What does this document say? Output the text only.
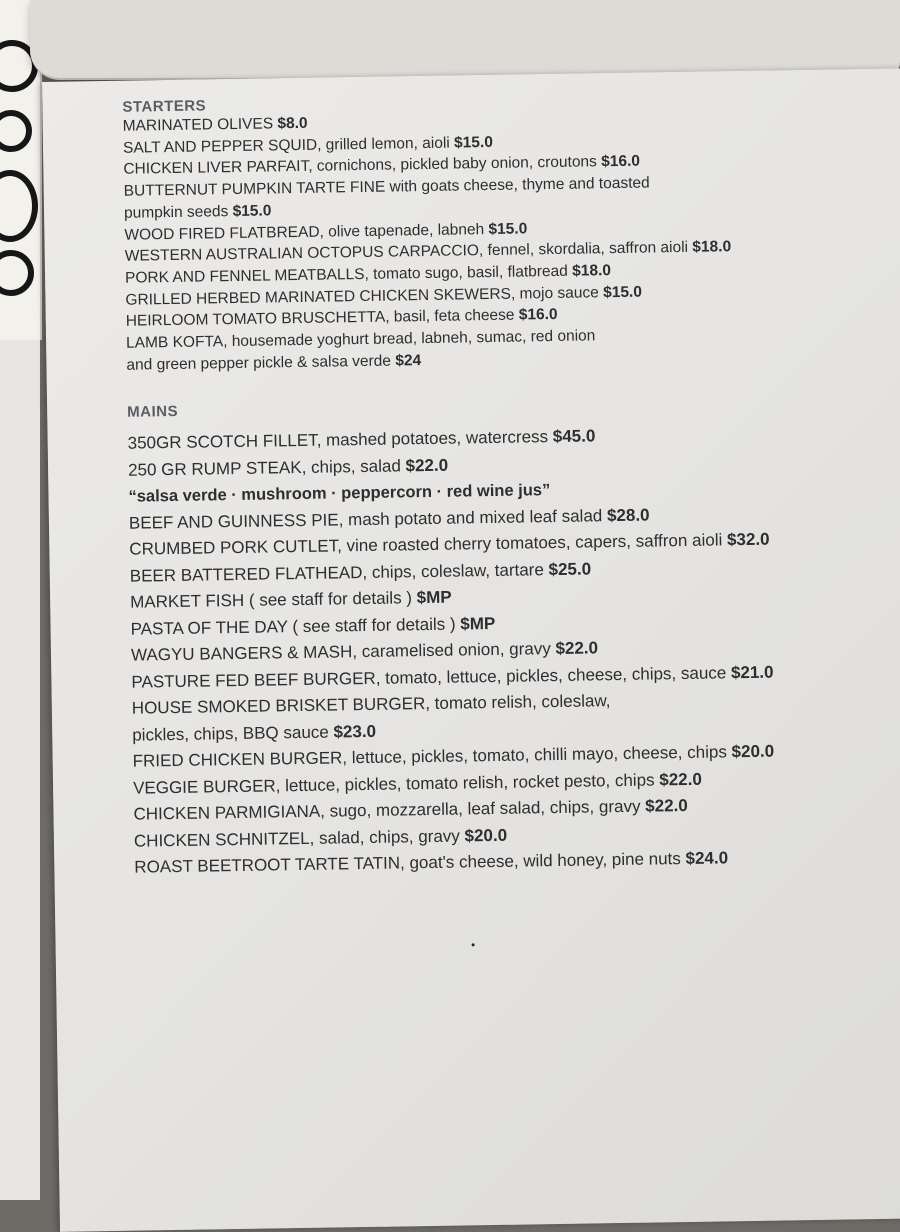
STARTERS
MARINATED OLIVES $8.0
SALT AND PEPPER SQUID, grilled lemon, aioli $15.0
CHICKEN LIVER PARFAIT, cornichons, pickled baby onion, croutons $16.0
BUTTERNUT PUMPKIN TARTE FINE with goats cheese, thyme and toasted
pumpkin seeds $15.0
WOOD FIRED FLATBREAD, olive tapenade, labneh $15.0
WESTERN AUSTRALIAN OCTOPUS CARPACCIO, fennel, skordalia, saffron aioli $18.0
PORK AND FENNEL MEATBALLS, tomato sugo, basil, flatbread $18.0
GRILLED HERBED MARINATED CHICKEN SKEWERS, mojo sauce $15.0
HEIRLOOM TOMATO BRUSCHETTA, basil, feta cheese $16.0
LAMB KOFTA, housemade yoghurt bread, labneh, sumac, red onion
and green pepper pickle & salsa verde $24
MAINS
350GR SCOTCH FILLET, mashed potatoes, watercress $45.0
250 GR RUMP STEAK, chips, salad $22.0
“salsa verde · mushroom · peppercorn · red wine jus”
BEEF AND GUINNESS PIE, mash potato and mixed leaf salad $28.0
CRUMBED PORK CUTLET, vine roasted cherry tomatoes, capers, saffron aioli $32.0
BEER BATTERED FLATHEAD, chips, coleslaw, tartare $25.0
MARKET FISH ( see staff for details ) $MP
PASTA OF THE DAY ( see staff for details ) $MP
WAGYU BANGERS & MASH, caramelised onion, gravy $22.0
PASTURE FED BEEF BURGER, tomato, lettuce, pickles, cheese, chips, sauce $21.0
HOUSE SMOKED BRISKET BURGER, tomato relish, coleslaw,
pickles, chips, BBQ sauce $23.0
FRIED CHICKEN BURGER, lettuce, pickles, tomato, chilli mayo, cheese, chips $20.0
VEGGIE BURGER, lettuce, pickles, tomato relish, rocket pesto, chips $22.0
CHICKEN PARMIGIANA, sugo, mozzarella, leaf salad, chips, gravy $22.0
CHICKEN SCHNITZEL, salad, chips, gravy $20.0
ROAST BEETROOT TARTE TATIN, goat's cheese, wild honey, pine nuts $24.0
